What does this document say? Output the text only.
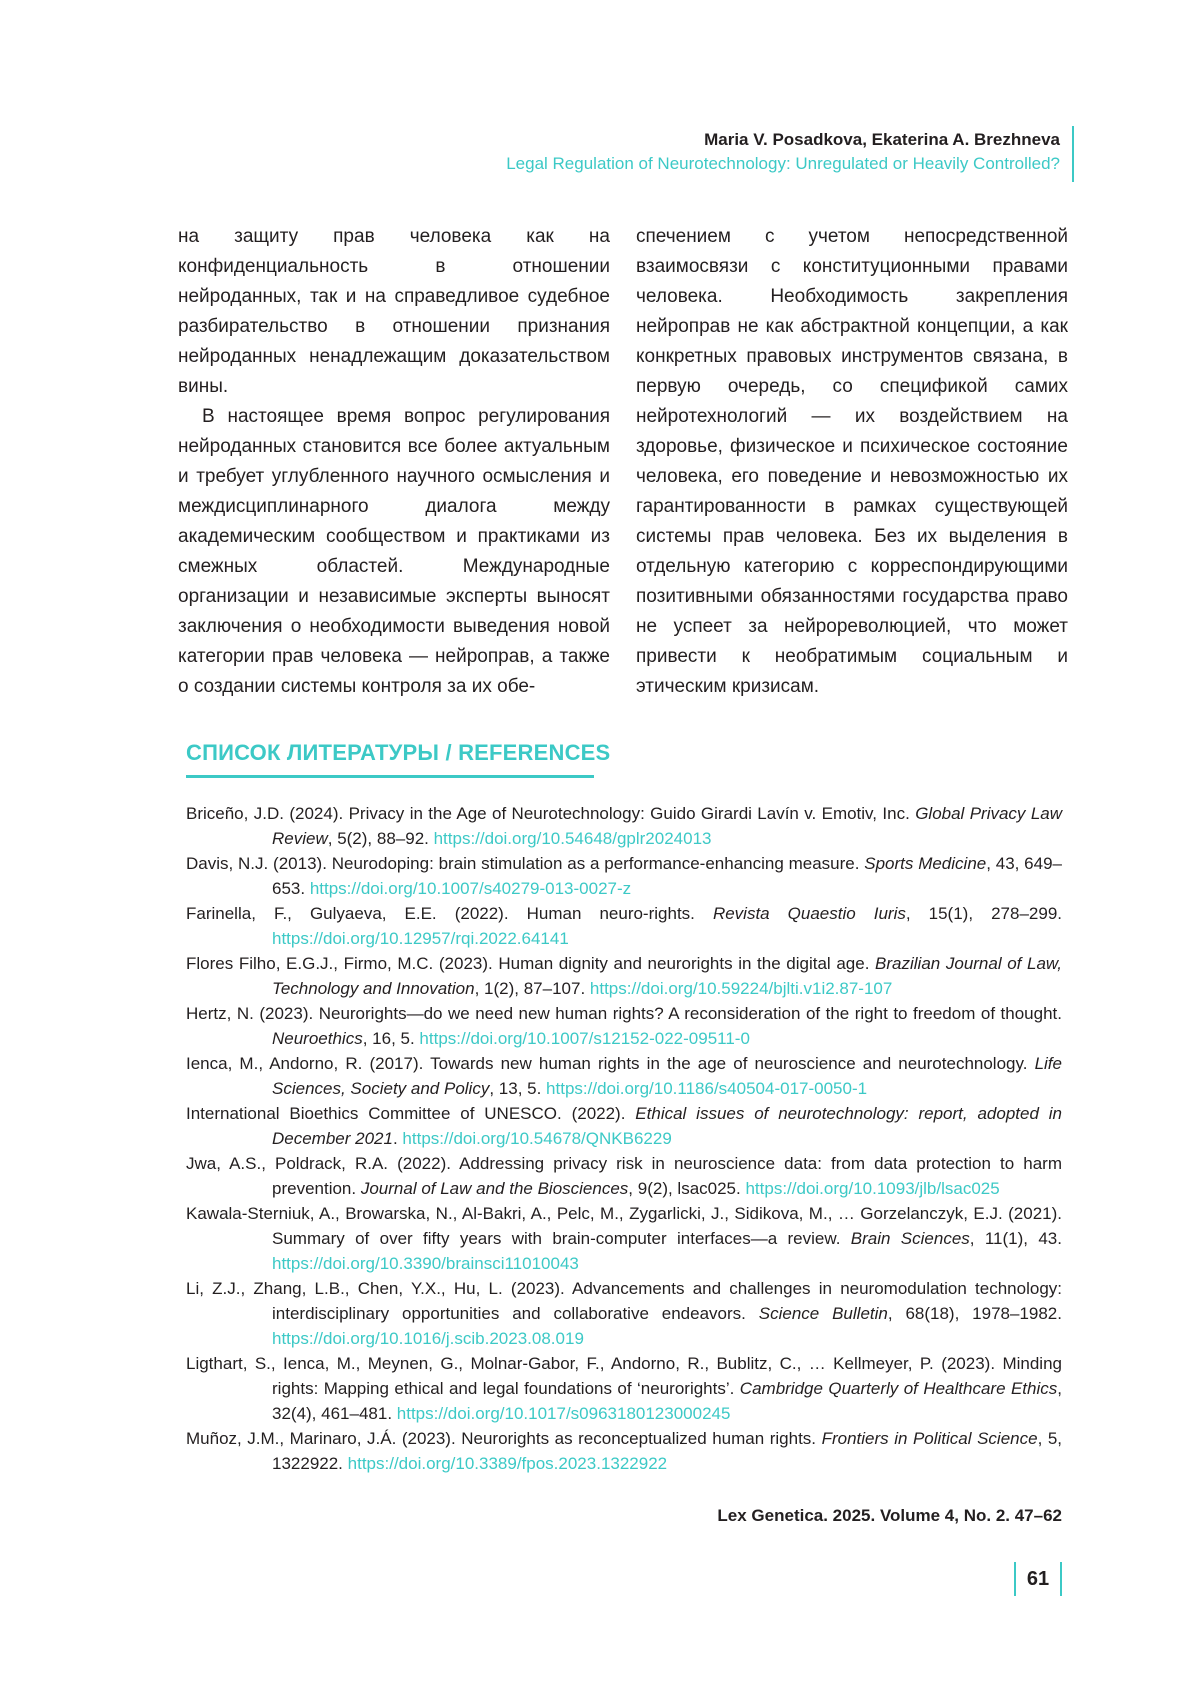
Maria V. Posadkova, Ekaterina A. Brezhneva
Legal Regulation of Neurotechnology: Unregulated or Heavily Controlled?

на защиту прав человека как на конфиденциальность в отношении нейроданных, так и на справедливое судебное разбирательство в отношении признания нейроданных ненадлежащим доказательством вины.

В настоящее время вопрос регулирования нейроданных становится все более актуальным и требует углубленного научного осмысления и междисциплинарного диалога между академическим сообществом и практиками из смежных областей. Международные организации и независимые эксперты выносят заключения о необходимости выведения новой категории прав человека — нейроправ, а также о создании системы контроля за их обе-

спечением с учетом непосредственной взаимосвязи с конституционными правами человека. Необходимость закрепления нейроправ не как абстрактной концепции, а как конкретных правовых инструментов связана, в первую очередь, со спецификой самих нейротехнологий — их воздействием на здоровье, физическое и психическое состояние человека, его поведение и невозможностью их гарантированности в рамках существующей системы прав человека. Без их выделения в отдельную категорию с корреспондирующими позитивными обязанностями государства право не успеет за нейрореволюцией, что может привести к необратимым социальным и этическим кризисам.

СПИСОК ЛИТЕРАТУРЫ / REFERENCES
Briceño, J.D. (2024). Privacy in the Age of Neurotechnology: Guido Girardi Lavín v. Emotiv, Inc. Global Privacy Law Review, 5(2), 88–92. https://doi.org/10.54648/gplr2024013
Davis, N.J. (2013). Neurodoping: brain stimulation as a performance-enhancing measure. Sports Medicine, 43, 649–653. https://doi.org/10.1007/s40279-013-0027-z
Farinella, F., Gulyaeva, E.E. (2022). Human neuro-rights. Revista Quaestio Iuris, 15(1), 278–299. https://doi.org/10.12957/rqi.2022.64141
Flores Filho, E.G.J., Firmo, M.C. (2023). Human dignity and neurorights in the digital age. Brazilian Journal of Law, Technology and Innovation, 1(2), 87–107. https://doi.org/10.59224/bjlti.v1i2.87-107
Hertz, N. (2023). Neurorights—do we need new human rights? A reconsideration of the right to freedom of thought. Neuroethics, 16, 5. https://doi.org/10.1007/s12152-022-09511-0
Ienca, M., Andorno, R. (2017). Towards new human rights in the age of neuroscience and neurotechnology. Life Sciences, Society and Policy, 13, 5. https://doi.org/10.1186/s40504-017-0050-1
International Bioethics Committee of UNESCO. (2022). Ethical issues of neurotechnology: report, adopted in December 2021. https://doi.org/10.54678/QNKB6229
Jwa, A.S., Poldrack, R.A. (2022). Addressing privacy risk in neuroscience data: from data protection to harm prevention. Journal of Law and the Biosciences, 9(2), lsac025. https://doi.org/10.1093/jlb/lsac025
Kawala-Sterniuk, A., Browarska, N., Al-Bakri, A., Pelc, M., Zygarlicki, J., Sidikova, M., … Gorzelanczyk, E.J. (2021). Summary of over fifty years with brain-computer interfaces—a review. Brain Sciences, 11(1), 43. https://doi.org/10.3390/brainsci11010043
Li, Z.J., Zhang, L.B., Chen, Y.X., Hu, L. (2023). Advancements and challenges in neuromodulation technology: interdisciplinary opportunities and collaborative endeavors. Science Bulletin, 68(18), 1978–1982. https://doi.org/10.1016/j.scib.2023.08.019
Ligthart, S., Ienca, M., Meynen, G., Molnar-Gabor, F., Andorno, R., Bublitz, C., … Kellmeyer, P. (2023). Minding rights: Mapping ethical and legal foundations of ‘neurorights’. Cambridge Quarterly of Healthcare Ethics, 32(4), 461–481. https://doi.org/10.1017/s0963180123000245
Muñoz, J.M., Marinaro, J.Á. (2023). Neurorights as reconceptualized human rights. Frontiers in Political Science, 5, 1322922. https://doi.org/10.3389/fpos.2023.1322922
Lex Genetica. 2025. Volume 4, No. 2. 47–62
61
